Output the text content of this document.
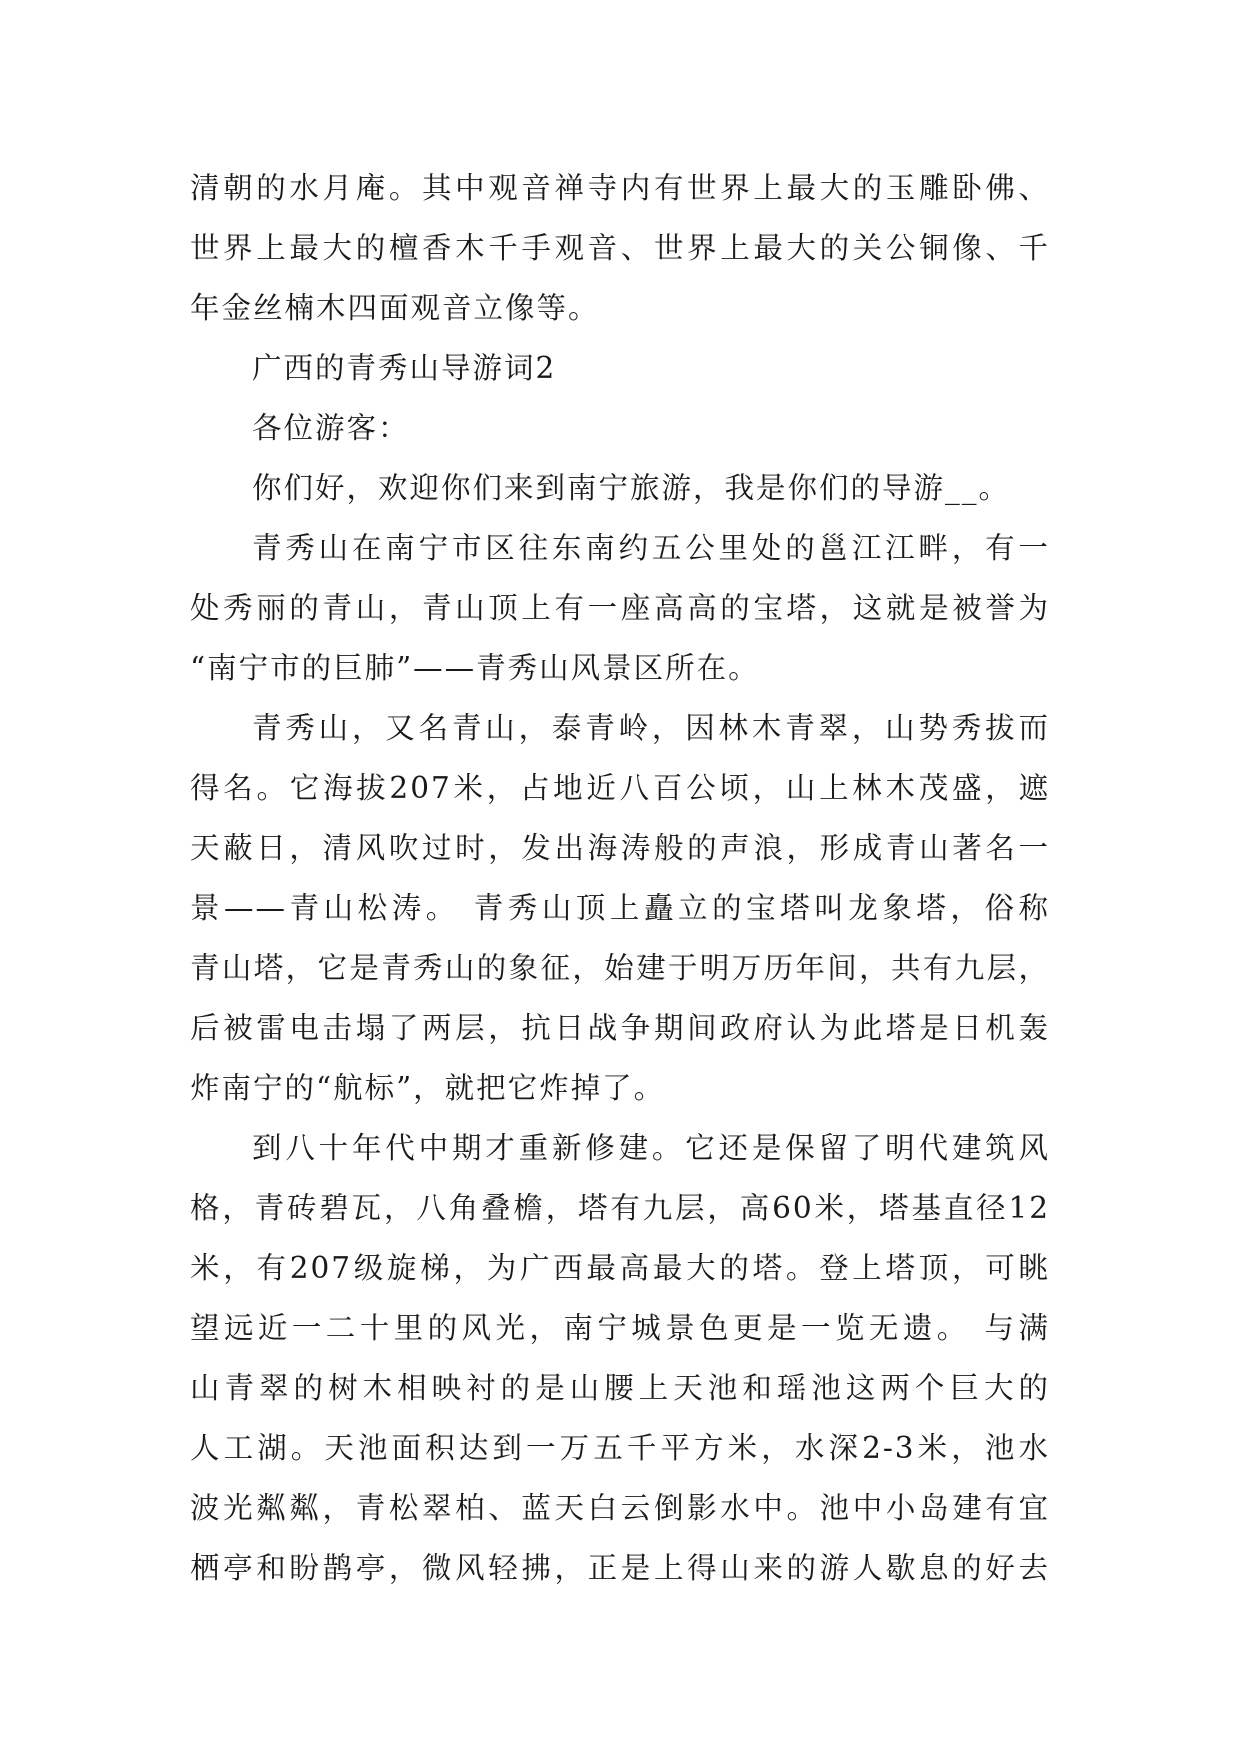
清朝的水月庵。其中观音禅寺内有世界上最大的玉雕卧佛、
世界上最大的檀香木千手观音、世界上最大的关公铜像、千
年金丝楠木四面观音立像等。
广西的青秀山导游词2
各位游客：
你们好，欢迎你们来到南宁旅游，我是你们的导游__。
青秀山在南宁市区往东南约五公里处的邕江江畔，有一
处秀丽的青山，青山顶上有一座高高的宝塔，这就是被誉为
“南宁市的巨肺”——青秀山风景区所在。
青秀山，又名青山，泰青岭，因林木青翠，山势秀拔而
得名。它海拔207米，占地近八百公顷，山上林木茂盛，遮
天蔽日，清风吹过时，发出海涛般的声浪，形成青山著名一
景——青山松涛。 青秀山顶上矗立的宝塔叫龙象塔，俗称
青山塔，它是青秀山的象征，始建于明万历年间，共有九层，
后被雷电击塌了两层，抗日战争期间政府认为此塔是日机轰
炸南宁的“航标”，就把它炸掉了。
到八十年代中期才重新修建。它还是保留了明代建筑风
格，青砖碧瓦，八角叠檐，塔有九层，高60米，塔基直径12
米，有207级旋梯，为广西最高最大的塔。登上塔顶，可眺
望远近一二十里的风光，南宁城景色更是一览无遗。 与满
山青翠的树木相映衬的是山腰上天池和瑶池这两个巨大的
人工湖。天池面积达到一万五千平方米，水深2-3米，池水
波光粼粼，青松翠柏、蓝天白云倒影水中。池中小岛建有宜
栖亭和盼鹊亭，微风轻拂，正是上得山来的游人歇息的好去
